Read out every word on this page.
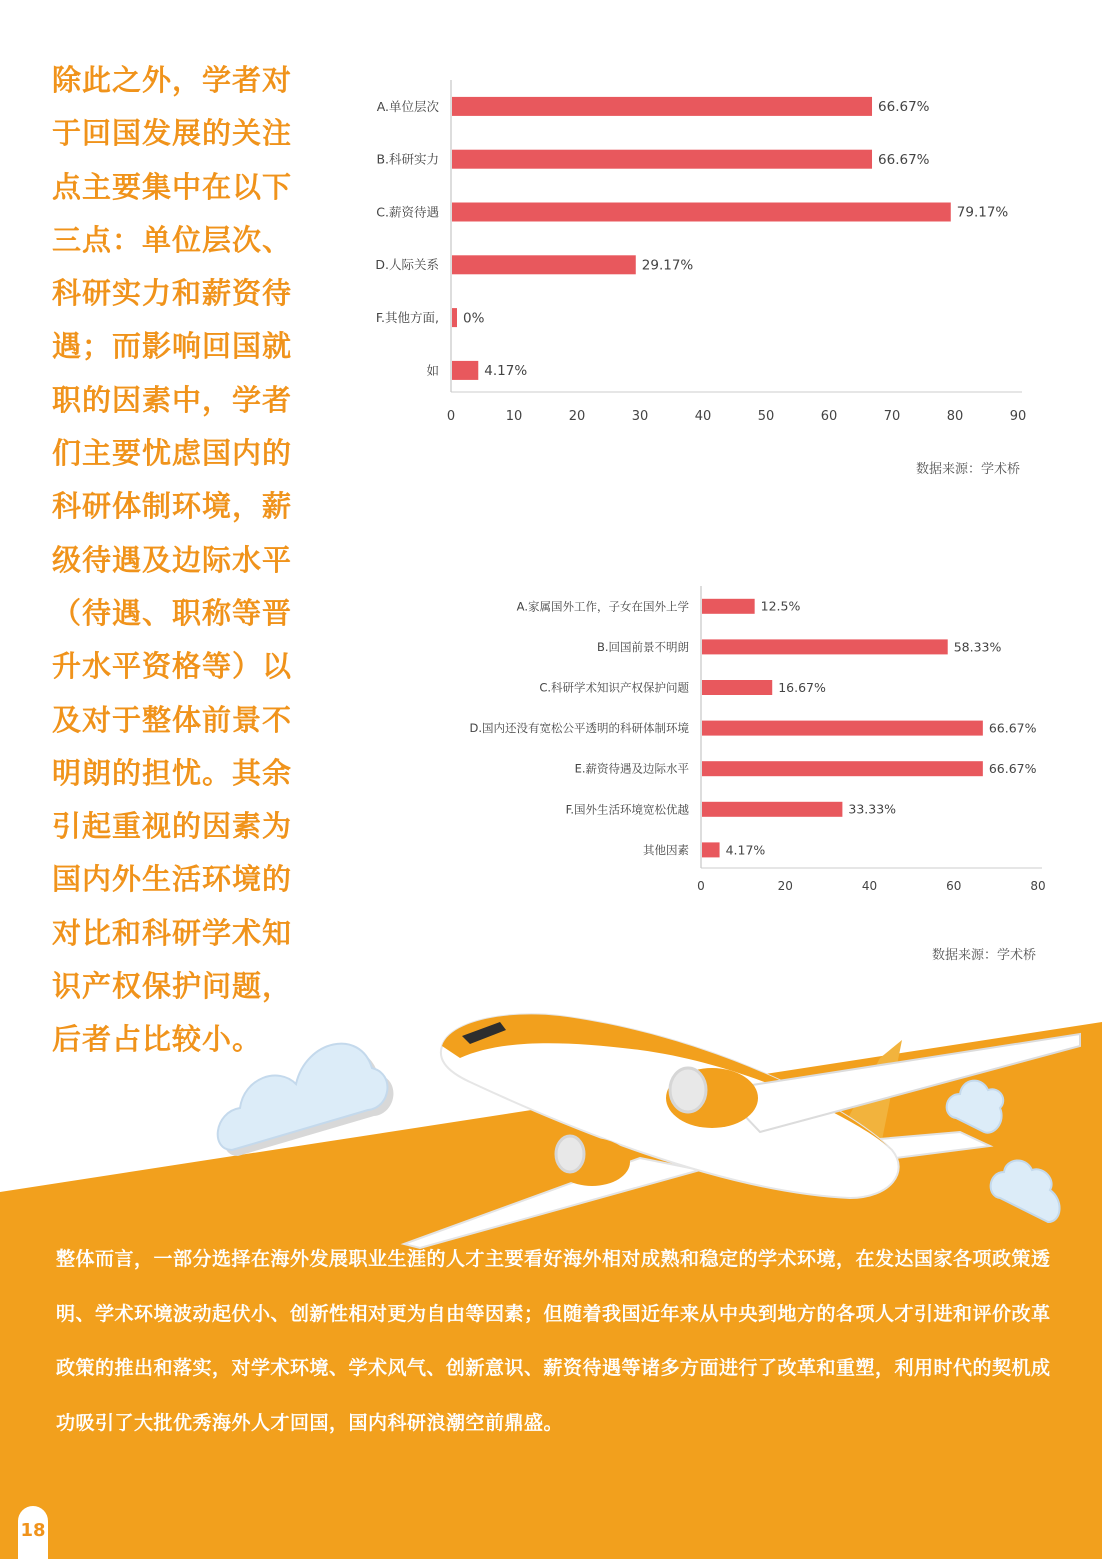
除此之外，学者对于回国发展的关注点主要集中在以下三点：单位层次、科研实力和薪资待遇；而影响回国就职的因素中，学者们主要忧虑国内的科研体制环境，薪级待遇及边际水平（待遇、职称等晋升水平资格等）以及对于整体前景不明朗的担忧。其余引起重视的因素为国内外生活环境的对比和科研学术知识产权保护问题，后者占比较小。

0	10	20	30	40	50	60	70	80	90
A.单位层次	66.67%
B.科研实力	66.67%
C.薪资待遇	79.17%
D.人际关系	29.17%
F.其他方面, 0%
如	4.17%
数据来源：学术桥
0	20	40	60	80
A.家属国外工作，子女在国外上学	12.5%
B.回国前景不明朗	58.33%
C.科研学术知识产权保护问题	16.67%
D.国内还没有宽松公平透明的科研体制环境	66.67%
E.薪资待遇及边际水平	66.67%
F.国外生活环境宽松优越	33.33%
其他因素	4.17%
数据来源：学术桥

整体而言，一部分选择在海外发展职业生涯的人才主要看好海外相对成熟和稳定的学术环境，在发达国家各项政策透明、学术环境波动起伏小、创新性相对更为自由等因素；但随着我国近年来从中央到地方的各项人才引进和评价改革政策的推出和落实，对学术环境、学术风气、创新意识、薪资待遇等诸多方面进行了改革和重塑，利用时代的契机成功吸引了大批优秀海外人才回国，国内科研浪潮空前鼎盛。

18
